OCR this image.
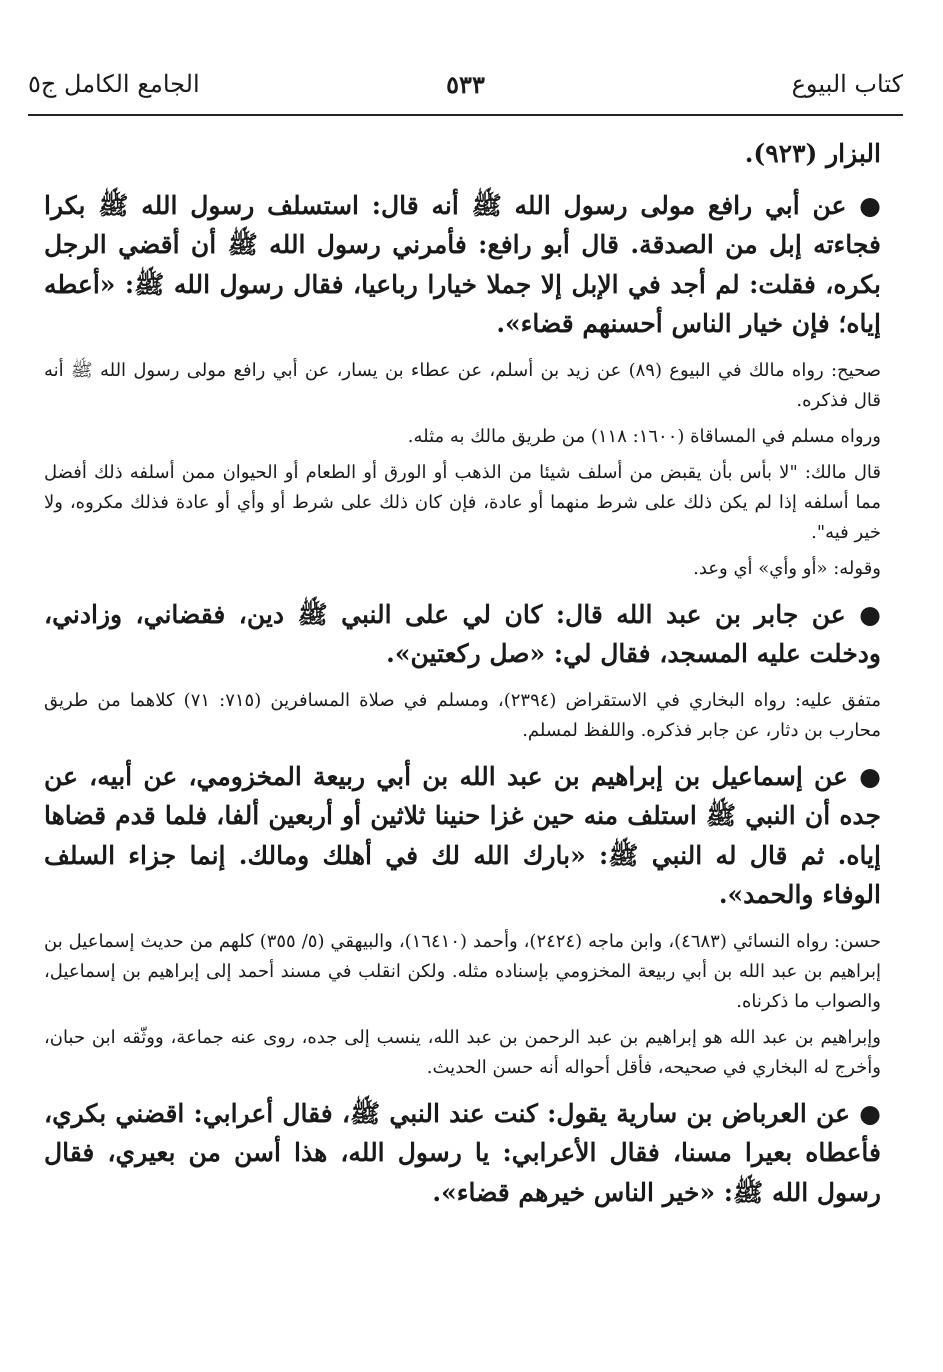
كتاب البيوع
٥٣٣
الجامع الكامل ج٥

البزار (٩٢٣).

● عن أبي رافع مولى رسول الله ﷺ أنه قال: استسلف رسول الله ﷺ بكرا فجاءته إبل من الصدقة. قال أبو رافع: فأمرني رسول الله ﷺ أن أقضي الرجل بكره، فقلت: لم أجد في الإبل إلا جملا خيارا رباعيا، فقال رسول الله ﷺ: «أعطه إياه؛ فإن خيار الناس أحسنهم قضاء».

صحيح: رواه مالك في البيوع (٨٩) عن زيد بن أسلم، عن عطاء بن يسار، عن أبي رافع مولى رسول الله ﷺ أنه قال فذكره.

ورواه مسلم في المساقاة (١٦٠٠: ١١٨) من طريق مالك به مثله.

قال مالك: "لا بأس بأن يقبض من أسلف شيئا من الذهب أو الورق أو الطعام أو الحيوان ممن أسلفه ذلك أفضل مما أسلفه إذا لم يكن ذلك على شرط منهما أو عادة، فإن كان ذلك على شرط أو وأي أو عادة فذلك مكروه، ولا خير فيه".

وقوله: «أو وأي» أي وعد.

● عن جابر بن عبد الله قال: كان لي على النبي ﷺ دين، فقضاني، وزادني، ودخلت عليه المسجد، فقال لي: «صل ركعتين».

متفق عليه: رواه البخاري في الاستقراض (٢٣٩٤)، ومسلم في صلاة المسافرين (٧١٥: ٧١) كلاهما من طريق محارب بن دثار، عن جابر فذكره. واللفظ لمسلم.

● عن إسماعيل بن إبراهيم بن عبد الله بن أبي ربيعة المخزومي، عن أبيه، عن جده أن النبي ﷺ استلف منه حين غزا حنينا ثلاثين أو أربعين ألفا، فلما قدم قضاها إياه. ثم قال له النبي ﷺ: «بارك الله لك في أهلك ومالك. إنما جزاء السلف الوفاء والحمد».

حسن: رواه النسائي (٤٦٨٣)، وابن ماجه (٢٤٢٤)، وأحمد (١٦٤١٠)، والبيهقي (٥/ ٣٥٥) كلهم من حديث إسماعيل بن إبراهيم بن عبد الله بن أبي ربيعة المخزومي بإسناده مثله. ولكن انقلب في مسند أحمد إلى إبراهيم بن إسماعيل، والصواب ما ذكرناه.

وإبراهيم بن عبد الله هو إبراهيم بن عبد الرحمن بن عبد الله، ينسب إلى جده، روى عنه جماعة، ووثّقه ابن حبان، وأخرج له البخاري في صحيحه، فأقل أحواله أنه حسن الحديث.

● عن العرباض بن سارية يقول: كنت عند النبي ﷺ، فقال أعرابي: اقضني بكري، فأعطاه بعيرا مسنا، فقال الأعرابي: يا رسول الله، هذا أسن من بعيري، فقال رسول الله ﷺ: «خير الناس خيرهم قضاء».
